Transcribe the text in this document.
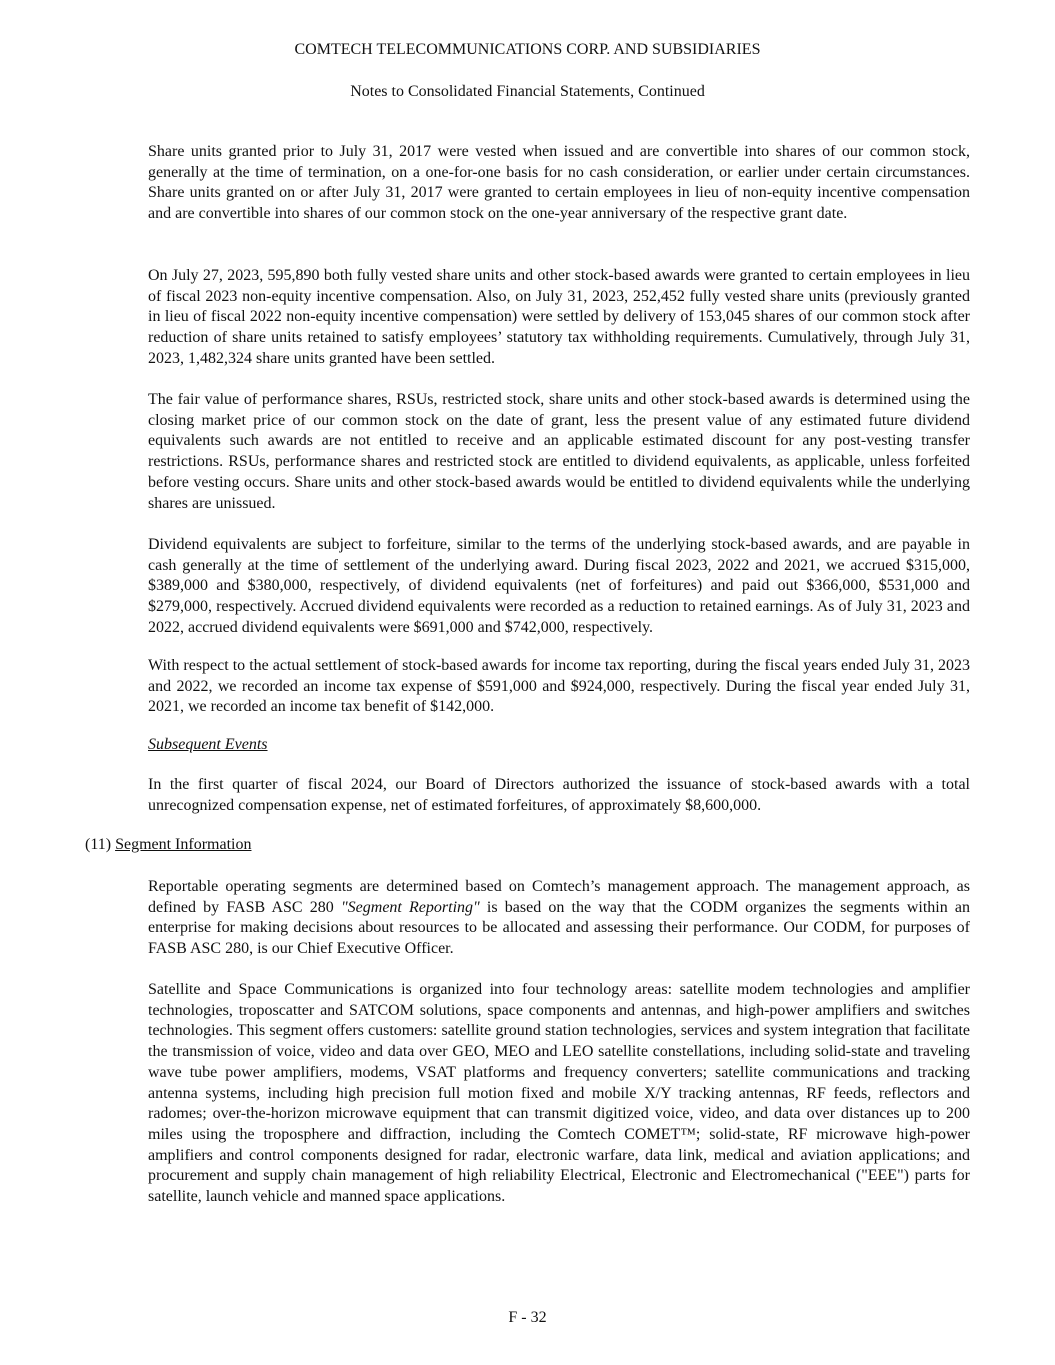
COMTECH TELECOMMUNICATIONS CORP. AND SUBSIDIARIES
Notes to Consolidated Financial Statements, Continued

Share units granted prior to July 31, 2017 were vested when issued and are convertible into shares of our common stock, generally at the time of termination, on a one-for-one basis for no cash consideration, or earlier under certain circumstances. Share units granted on or after July 31, 2017 were granted to certain employees in lieu of non-equity incentive compensation and are convertible into shares of our common stock on the one-year anniversary of the respective grant date.

On July 27, 2023, 595,890 both fully vested share units and other stock-based awards were granted to certain employees in lieu of fiscal 2023 non-equity incentive compensation. Also, on July 31, 2023, 252,452 fully vested share units (previously granted in lieu of fiscal 2022 non-equity incentive compensation) were settled by delivery of 153,045 shares of our common stock after reduction of share units retained to satisfy employees’ statutory tax withholding requirements. Cumulatively, through July 31, 2023, 1,482,324 share units granted have been settled.

The fair value of performance shares, RSUs, restricted stock, share units and other stock-based awards is determined using the closing market price of our common stock on the date of grant, less the present value of any estimated future dividend equivalents such awards are not entitled to receive and an applicable estimated discount for any post-vesting transfer restrictions. RSUs, performance shares and restricted stock are entitled to dividend equivalents, as applicable, unless forfeited before vesting occurs. Share units and other stock-based awards would be entitled to dividend equivalents while the underlying shares are unissued.

Dividend equivalents are subject to forfeiture, similar to the terms of the underlying stock-based awards, and are payable in cash generally at the time of settlement of the underlying award. During fiscal 2023, 2022 and 2021, we accrued $315,000, $389,000 and $380,000, respectively, of dividend equivalents (net of forfeitures) and paid out $366,000, $531,000 and $279,000, respectively. Accrued dividend equivalents were recorded as a reduction to retained earnings. As of July 31, 2023 and 2022, accrued dividend equivalents were $691,000 and $742,000, respectively.

With respect to the actual settlement of stock-based awards for income tax reporting, during the fiscal years ended July 31, 2023 and 2022, we recorded an income tax expense of $591,000 and $924,000, respectively. During the fiscal year ended July 31, 2021, we recorded an income tax benefit of $142,000.

Subsequent Events

In the first quarter of fiscal 2024, our Board of Directors authorized the issuance of stock-based awards with a total unrecognized compensation expense, net of estimated forfeitures, of approximately $8,600,000.

(11) Segment Information

Reportable operating segments are determined based on Comtech’s management approach. The management approach, as defined by FASB ASC 280 "Segment Reporting" is based on the way that the CODM organizes the segments within an enterprise for making decisions about resources to be allocated and assessing their performance. Our CODM, for purposes of FASB ASC 280, is our Chief Executive Officer.

Satellite and Space Communications is organized into four technology areas: satellite modem technologies and amplifier technologies, troposcatter and SATCOM solutions, space components and antennas, and high-power amplifiers and switches technologies. This segment offers customers: satellite ground station technologies, services and system integration that facilitate the transmission of voice, video and data over GEO, MEO and LEO satellite constellations, including solid-state and traveling wave tube power amplifiers, modems, VSAT platforms and frequency converters; satellite communications and tracking antenna systems, including high precision full motion fixed and mobile X/Y tracking antennas, RF feeds, reflectors and radomes; over-the-horizon microwave equipment that can transmit digitized voice, video, and data over distances up to 200 miles using the troposphere and diffraction, including the Comtech COMET™; solid-state, RF microwave high-power amplifiers and control components designed for radar, electronic warfare, data link, medical and aviation applications; and procurement and supply chain management of high reliability Electrical, Electronic and Electromechanical ("EEE") parts for satellite, launch vehicle and manned space applications.

F - 32
